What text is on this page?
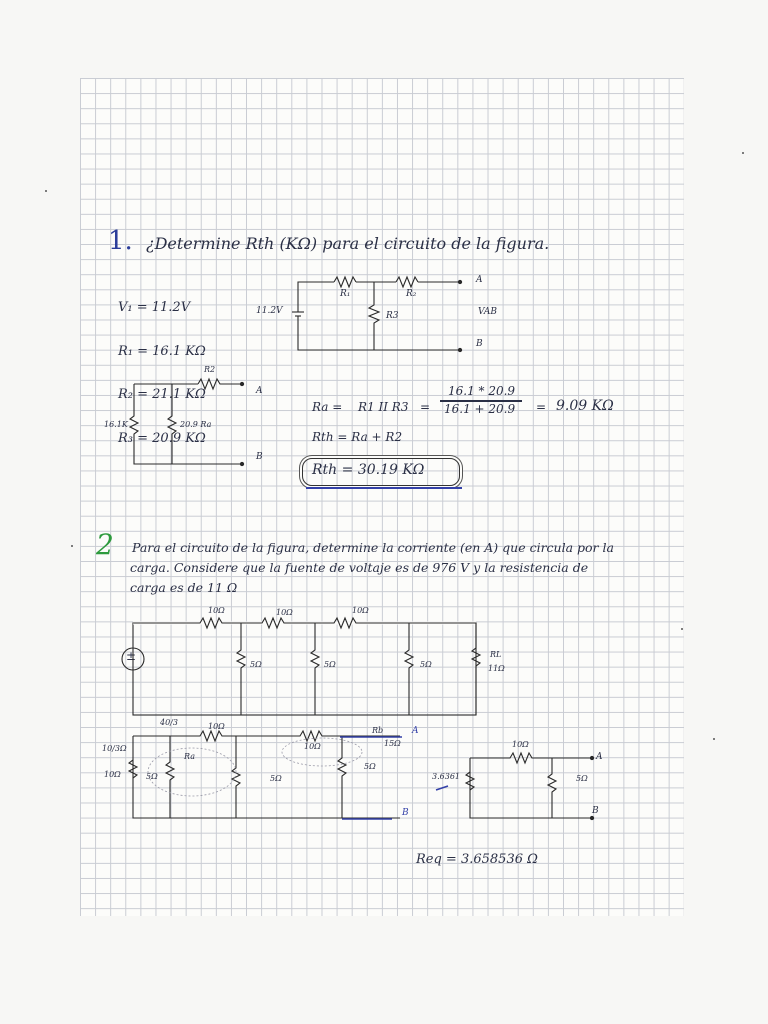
1. ¿Determine Rth (KΩ) para el circuito de la figura.

V₁ = 11.2V

R₁ = 16.1 KΩ

R₂ = 21.1 KΩ

R₃ = 20.9 KΩ

11.2V
R₁	R₂
R3
A
B
VAB
16.1K	20.9 Ra
R2
A
B
Ra = R1 II R3 =
16.1 * 20.9
16.1 + 20.9 = 9.09 KΩ
Rth = Ra + R2
Rth = 30.19 KΩ
2 Para el circuito de la figura, determine la corriente (en A) que circula por la
carga. Considere que la fuente de voltaje es de 976 V y la resistencia de
carga es de 11 Ω
10Ω	10Ω	10Ω
5Ω	5Ω	5Ω
RL
11Ω
±
40/3
10/3Ω
10Ω	5Ω
Ra
10Ω
5Ω
10Ω
Rb
15Ω
5Ω
A
B
3.6361
10Ω
5Ω
A
B
Req = 3.658536 Ω
